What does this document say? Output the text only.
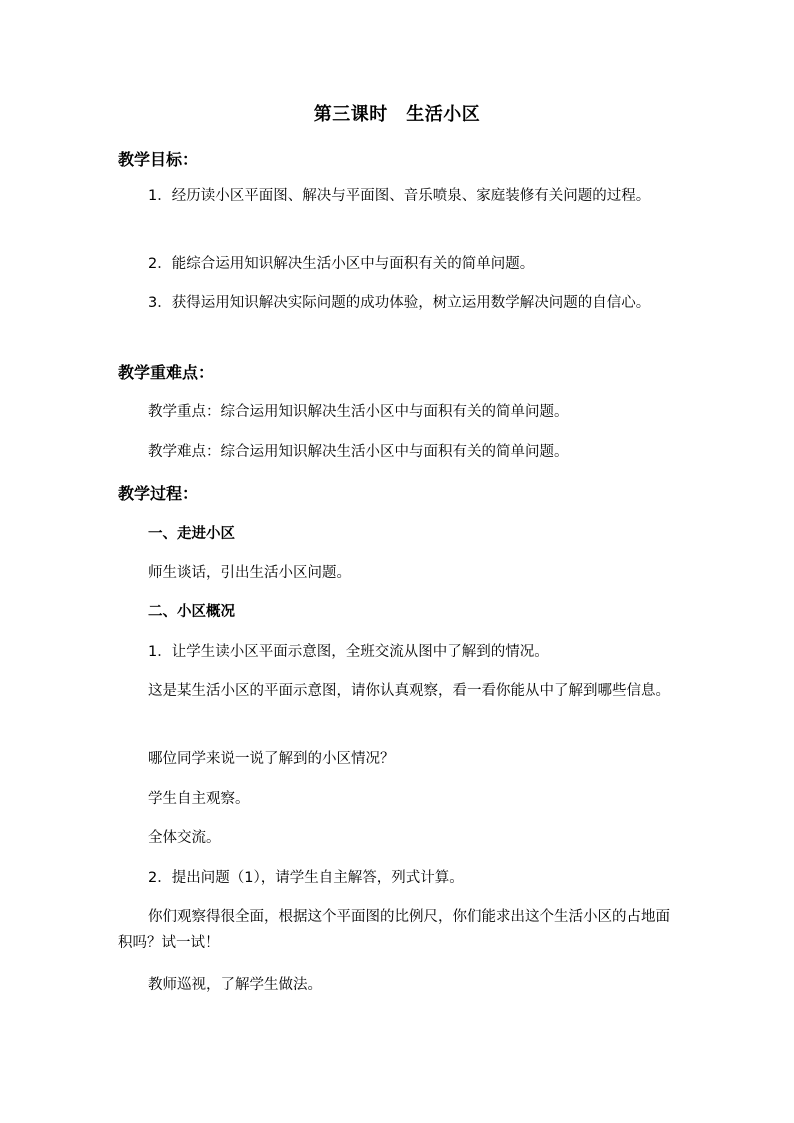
第三课时　生活小区
教学目标：
1．经历读小区平面图、解决与平面图、音乐喷泉、家庭装修有关问题的过程。
2．能综合运用知识解决生活小区中与面积有关的简单问题。
3．获得运用知识解决实际问题的成功体验，树立运用数学解决问题的自信心。
教学重难点：
教学重点：综合运用知识解决生活小区中与面积有关的简单问题。
教学难点：综合运用知识解决生活小区中与面积有关的简单问题。
教学过程：
一、走进小区
师生谈话，引出生活小区问题。
二、小区概况
1．让学生读小区平面示意图，全班交流从图中了解到的情况。
这是某生活小区的平面示意图，请你认真观察，看一看你能从中了解到哪些信息。
哪位同学来说一说了解到的小区情况？
学生自主观察。
全体交流。
2．提出问题（1），请学生自主解答，列式计算。
你们观察得很全面，根据这个平面图的比例尺，你们能求出这个生活小区的占地面积吗？试一试！
教师巡视，了解学生做法。
